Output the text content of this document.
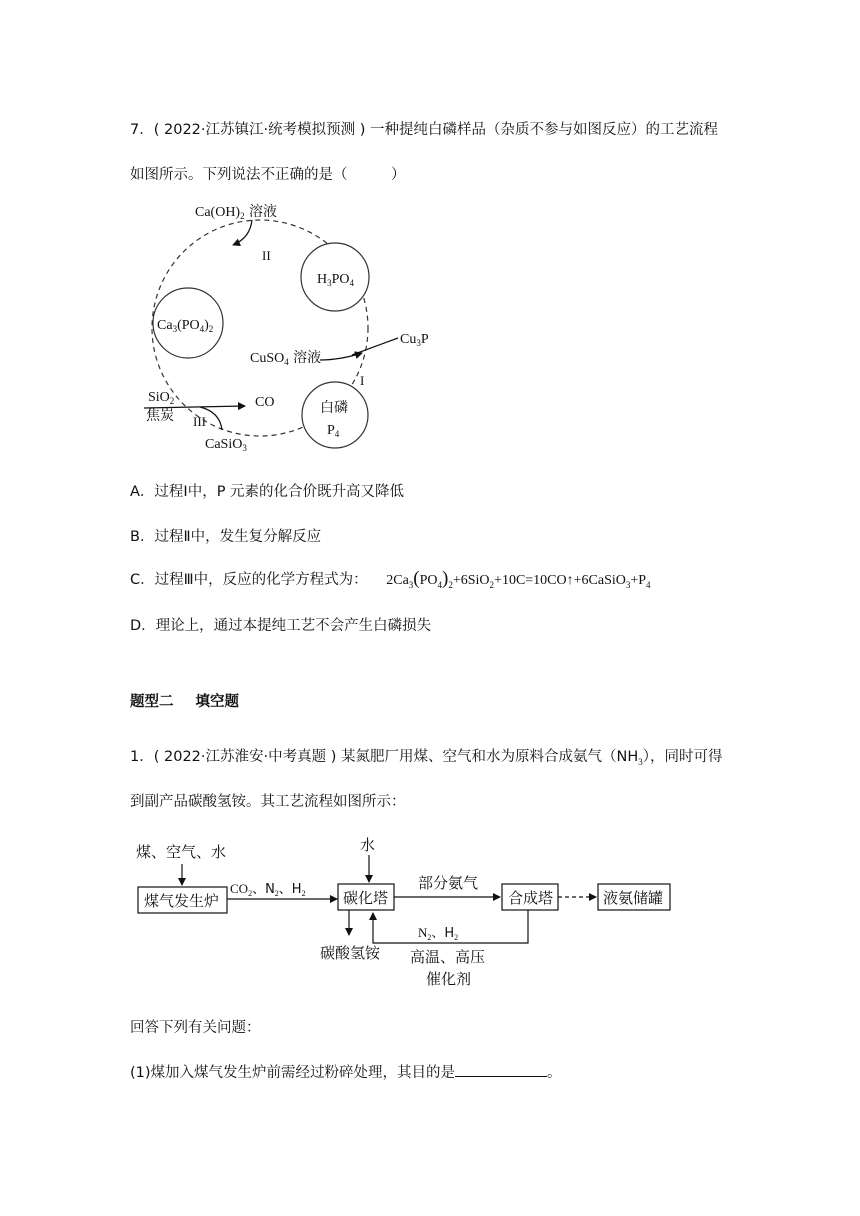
7．( 2022·江苏镇江·统考模拟预测 ) 一种提纯白磷样品（杂质不参与如图反应）的工艺流程
如图所示。下列说法不正确的是（　　　）
$Ca(OH)_2$ 溶液
II
$H_3PO_4$
$Ca_3(PO_4)_2$
白磷
$P_4$
$Cu_3P$
CuSO$_4$ 溶液
I
SiO$_2$
焦炭
CO
III
CaSiO$_3$
A．过程Ⅰ中，P 元素的化合价既升高又降低
B．过程Ⅱ中，发生复分解反应
C．过程Ⅲ中，反应的化学方程式为： $2Ca_3(PO_4)_2+6SiO_2+10C=10CO↑+6CaSiO_3+P_4$
D．理论上，通过本提纯工艺不会产生白磷损失
题型二 填空题
1．( 2022·江苏淮安·中考真题 ) 某氮肥厂用煤、空气和水为原料合成氨气$(NH_3)$，同时可得
到副产品碳酸氢铵。其工艺流程如图所示：
煤、空气、水
煤气发生炉
$CO_2$、$N_2$、$H_2$
水
碳化塔
碳酸氢铵
部分氨气
合成塔	液氨储罐
$N_2$、$H_2$
高温、高压
催化剂
回答下列有关问题：
(1)煤加入煤气发生炉前需经过粉碎处理，其目的是	。
